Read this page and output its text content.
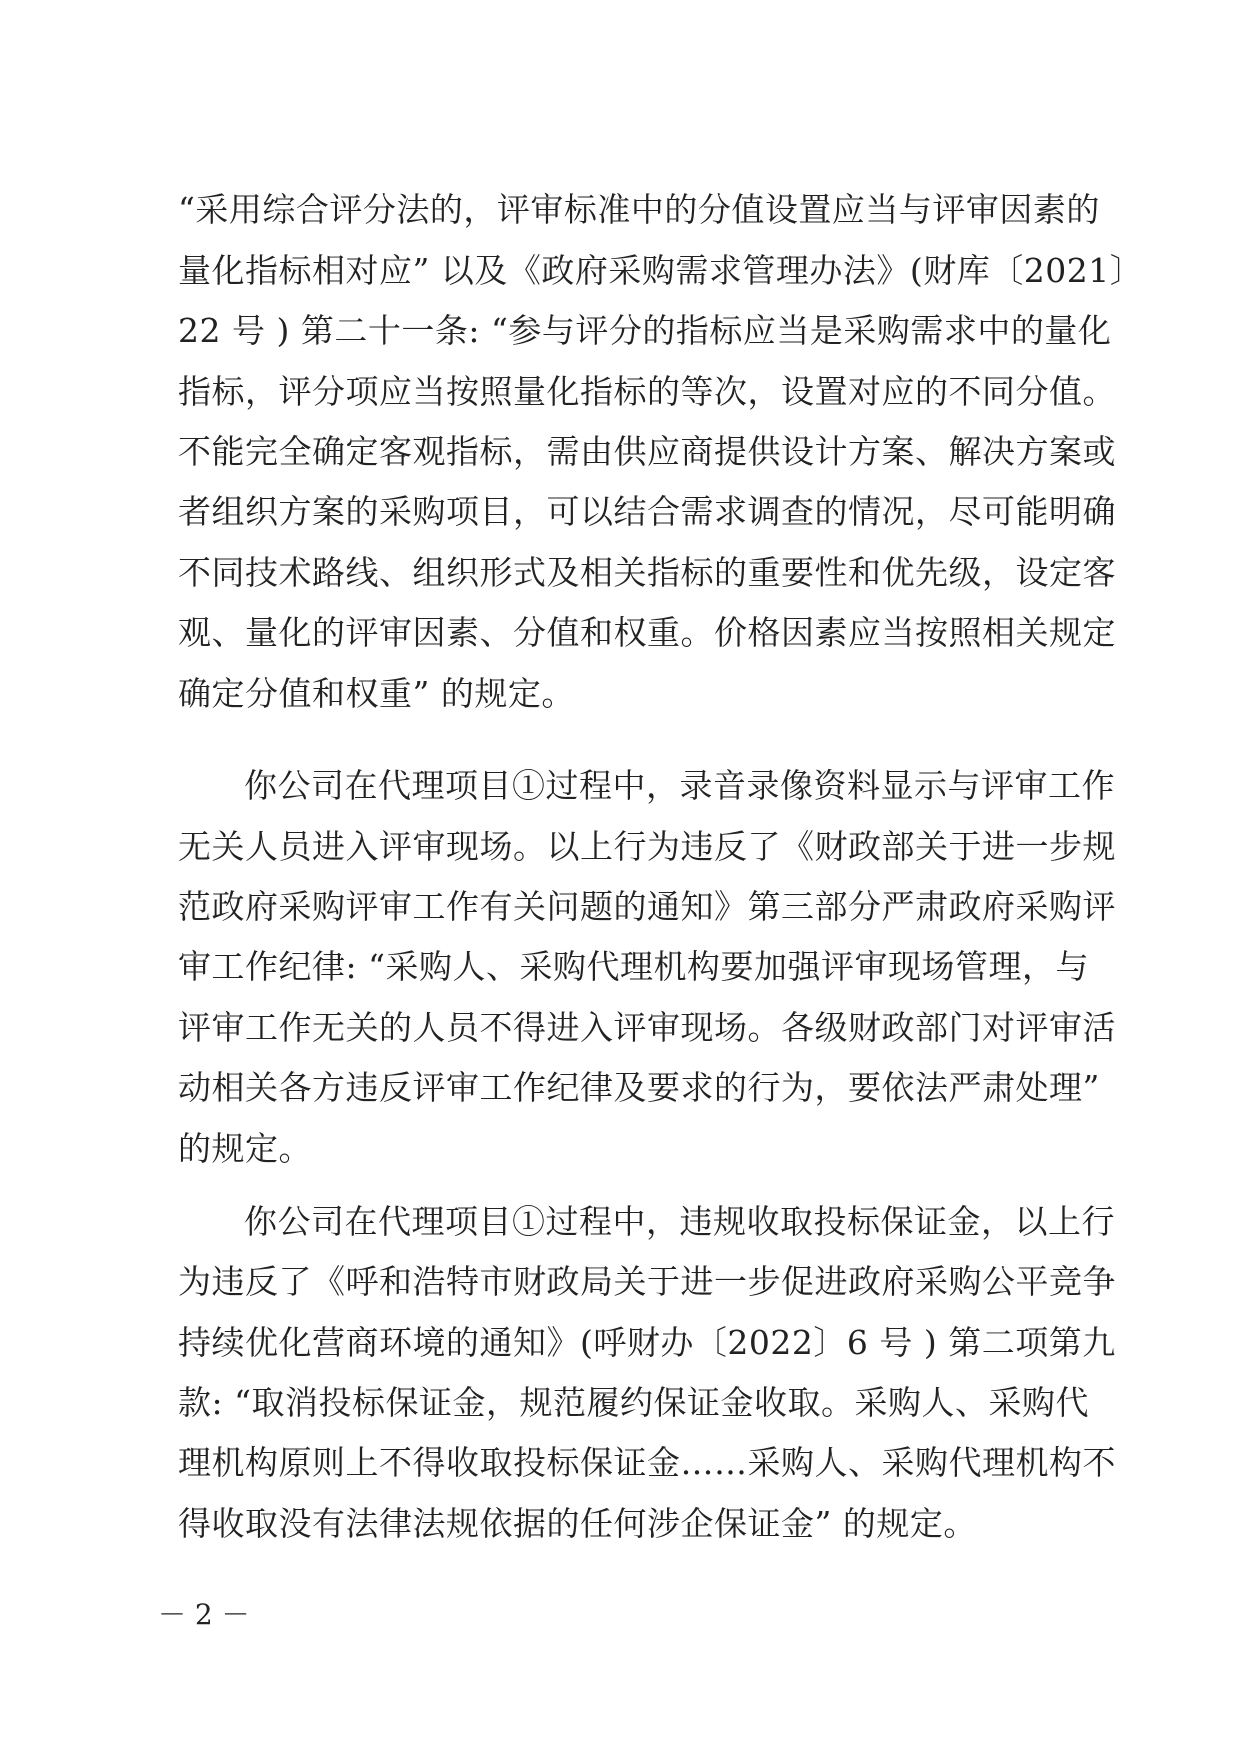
“采用综合评分法的，评审标准中的分值设置应当与评审因素的

量化指标相对应” 以及《政府采购需求管理办法》(财库〔2021〕

22 号 ) 第二十一条: “参与评分的指标应当是采购需求中的量化

指标，评分项应当按照量化指标的等次，设置对应的不同分值。

不能完全确定客观指标，需由供应商提供设计方案、解决方案或

者组织方案的采购项目，可以结合需求调查的情况，尽可能明确

不同技术路线、组织形式及相关指标的重要性和优先级，设定客

观、量化的评审因素、分值和权重。价格因素应当按照相关规定

确定分值和权重” 的规定。

你公司在代理项目①过程中，录音录像资料显示与评审工作

无关人员进入评审现场。以上行为违反了《财政部关于进一步规

范政府采购评审工作有关问题的通知》第三部分严肃政府采购评

审工作纪律: “采购人、采购代理机构要加强评审现场管理，与

评审工作无关的人员不得进入评审现场。各级财政部门对评审活

动相关各方违反评审工作纪律及要求的行为，要依法严肃处理”

的规定。

你公司在代理项目①过程中，违规收取投标保证金，以上行

为违反了《呼和浩特市财政局关于进一步促进政府采购公平竞争

持续优化营商环境的通知》(呼财办〔2022〕6 号 ) 第二项第九

款: “取消投标保证金，规范履约保证金收取。采购人、采购代

理机构原则上不得收取投标保证金……采购人、采购代理机构不

得收取没有法律法规依据的任何涉企保证金” 的规定。

－ 2 －
